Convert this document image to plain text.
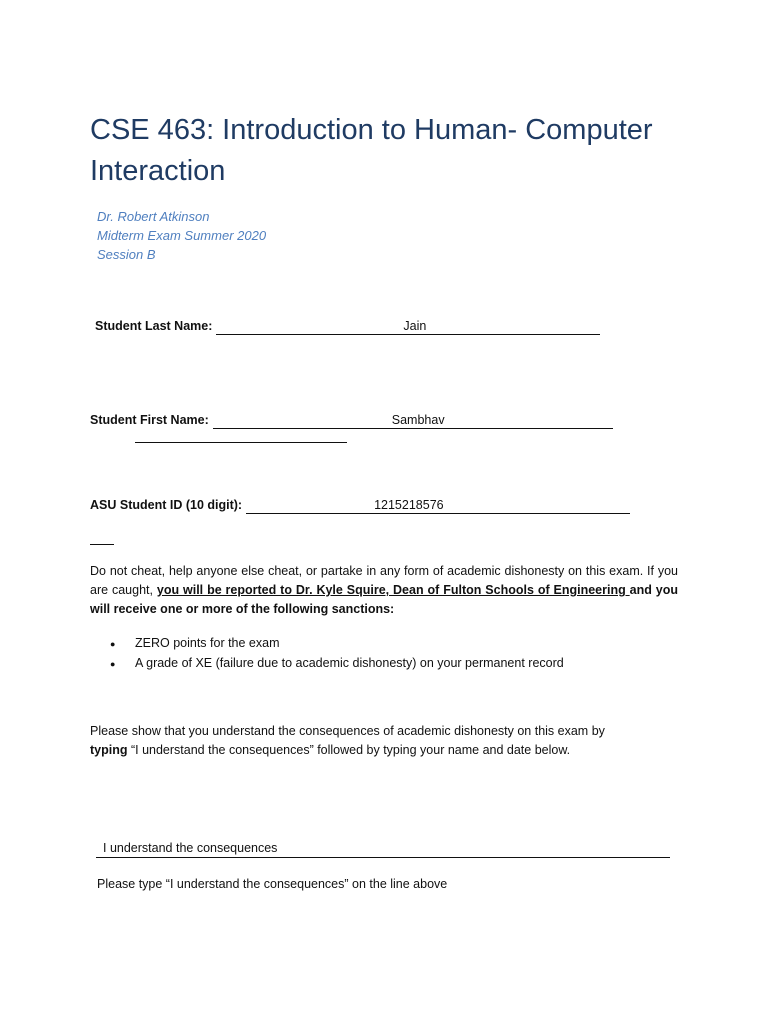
CSE 463: Introduction to Human- Computer Interaction
Dr. Robert Atkinson
Midterm Exam Summer 2020
Session B
Student Last Name:	Jain
Student First Name:	Sambhav
ASU Student ID (10 digit):	1215218576

Do not cheat, help anyone else cheat, or partake in any form of academic dishonesty on this exam. If you are caught, you will be reported to Dr. Kyle Squire, Dean of Fulton Schools of Engineering and you will receive one or more of the following sanctions:

●	ZERO points for the exam
●	A grade of XE (failure due to academic dishonesty) on your permanent record

Please show that you understand the consequences of academic dishonesty on this exam by
typing “I understand the consequences” followed by typing your name and date below.

I understand the consequences
Please type “I understand the consequences” on the line above
